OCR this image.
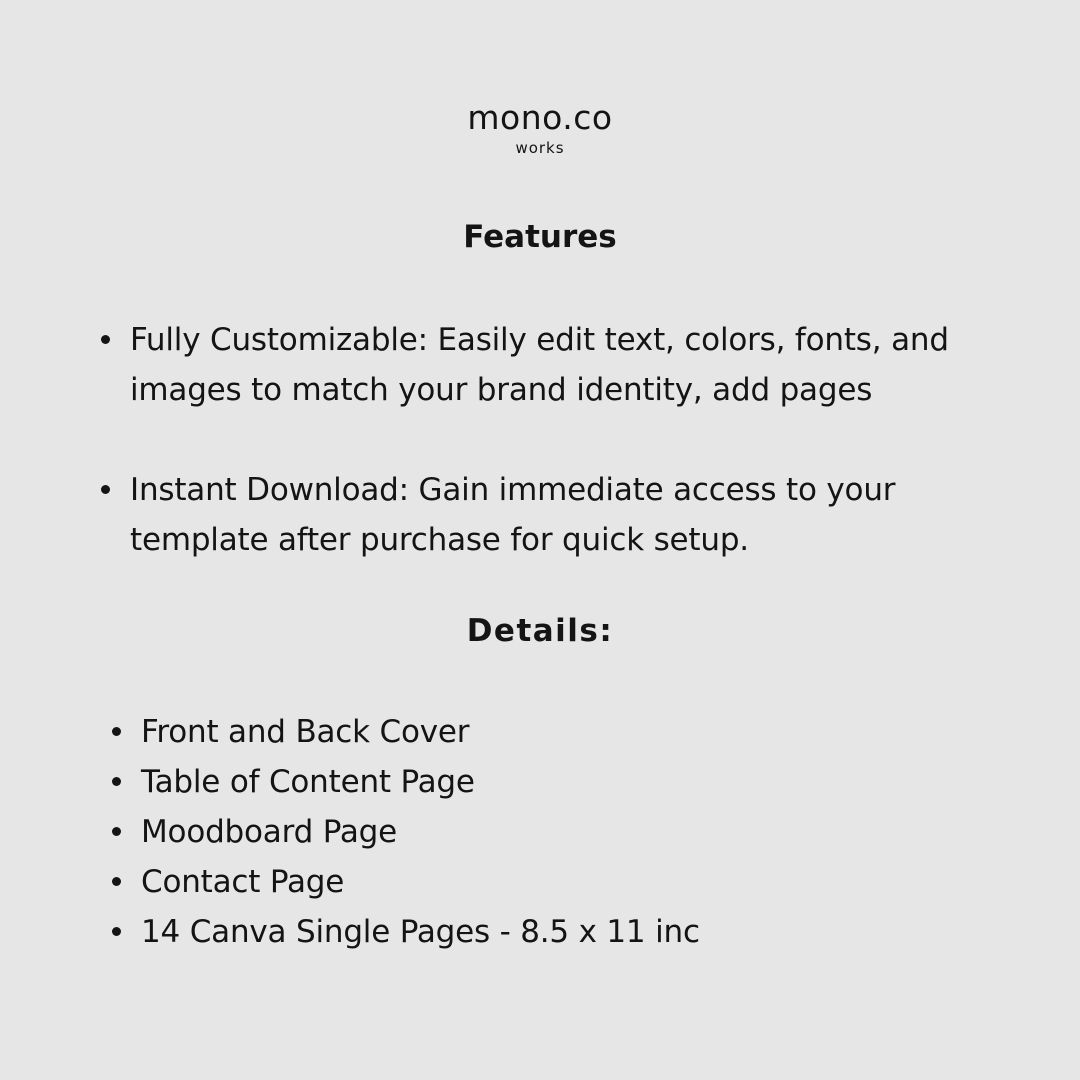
mono.co
works
Features
Fully Customizable: Easily edit text, colors, fonts, and images to match your brand identity, add pages
Instant Download: Gain immediate access to your template after purchase for quick setup.
Details:
Front and Back Cover
Table of Content Page
Moodboard Page
Contact Page
14 Canva Single Pages - 8.5 x 11 inc
